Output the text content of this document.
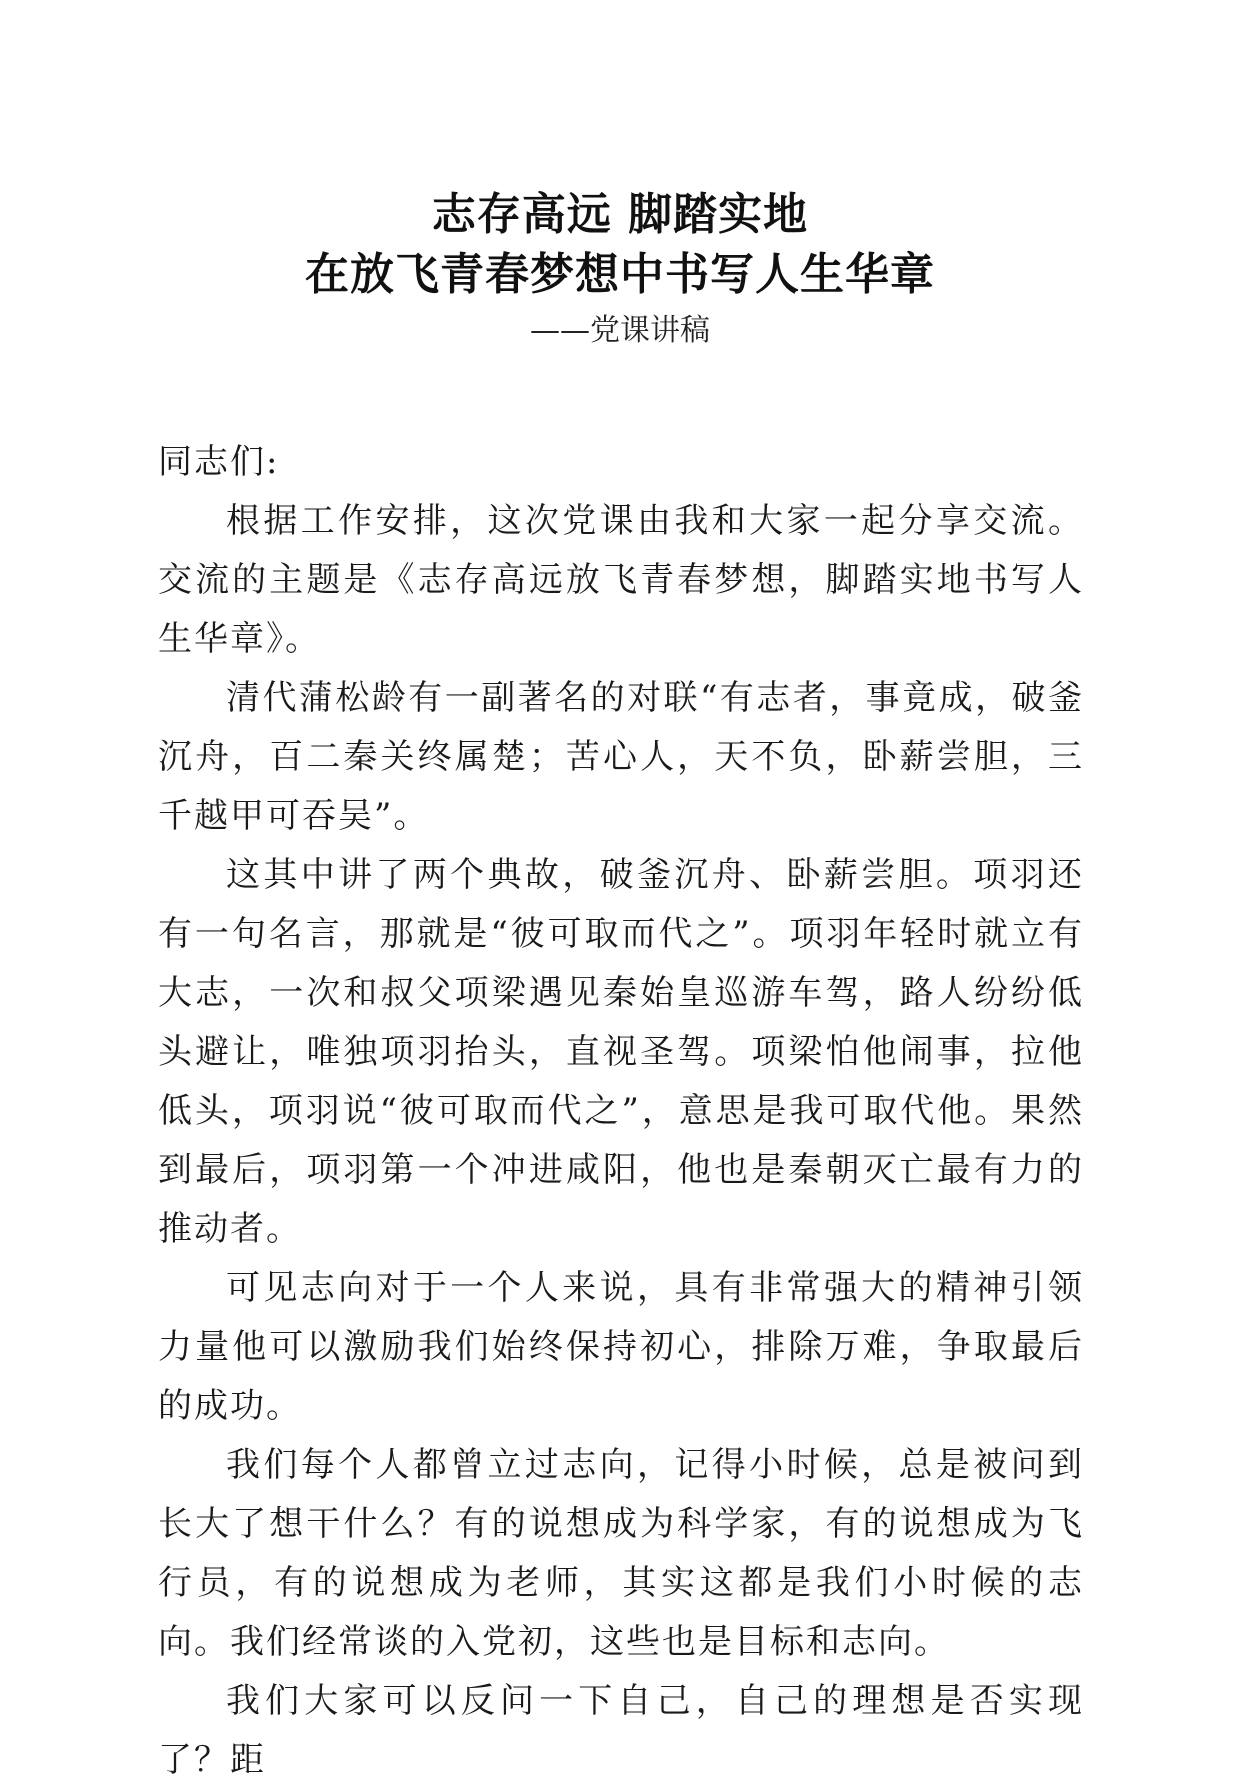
志存高远 脚踏实地
在放飞青春梦想中书写人生华章
——党课讲稿

同志们:

根据工作安排，这次党课由我和大家一起分享交流。交流的主题是《志存高远放飞青春梦想，脚踏实地书写人生华章》。

清代蒲松龄有一副著名的对联“有志者，事竟成，破釜沉舟，百二秦关终属楚；苦心人，天不负，卧薪尝胆，三千越甲可吞吴”。

这其中讲了两个典故，破釜沉舟、卧薪尝胆。项羽还有一句名言，那就是“彼可取而代之”。项羽年轻时就立有大志，一次和叔父项梁遇见秦始皇巡游车驾，路人纷纷低头避让，唯独项羽抬头，直视圣驾。项梁怕他闹事，拉他低头，项羽说“彼可取而代之”，意思是我可取代他。果然到最后，项羽第一个冲进咸阳，他也是秦朝灭亡最有力的推动者。

可见志向对于一个人来说，具有非常强大的精神引领力量他可以激励我们始终保持初心，排除万难，争取最后的成功。

我们每个人都曾立过志向，记得小时候，总是被问到长大了想干什么？有的说想成为科学家，有的说想成为飞行员，有的说想成为老师，其实这都是我们小时候的志向。我们经常谈的入党初，这些也是目标和志向。

我们大家可以反问一下自己，自己的理想是否实现了？距
